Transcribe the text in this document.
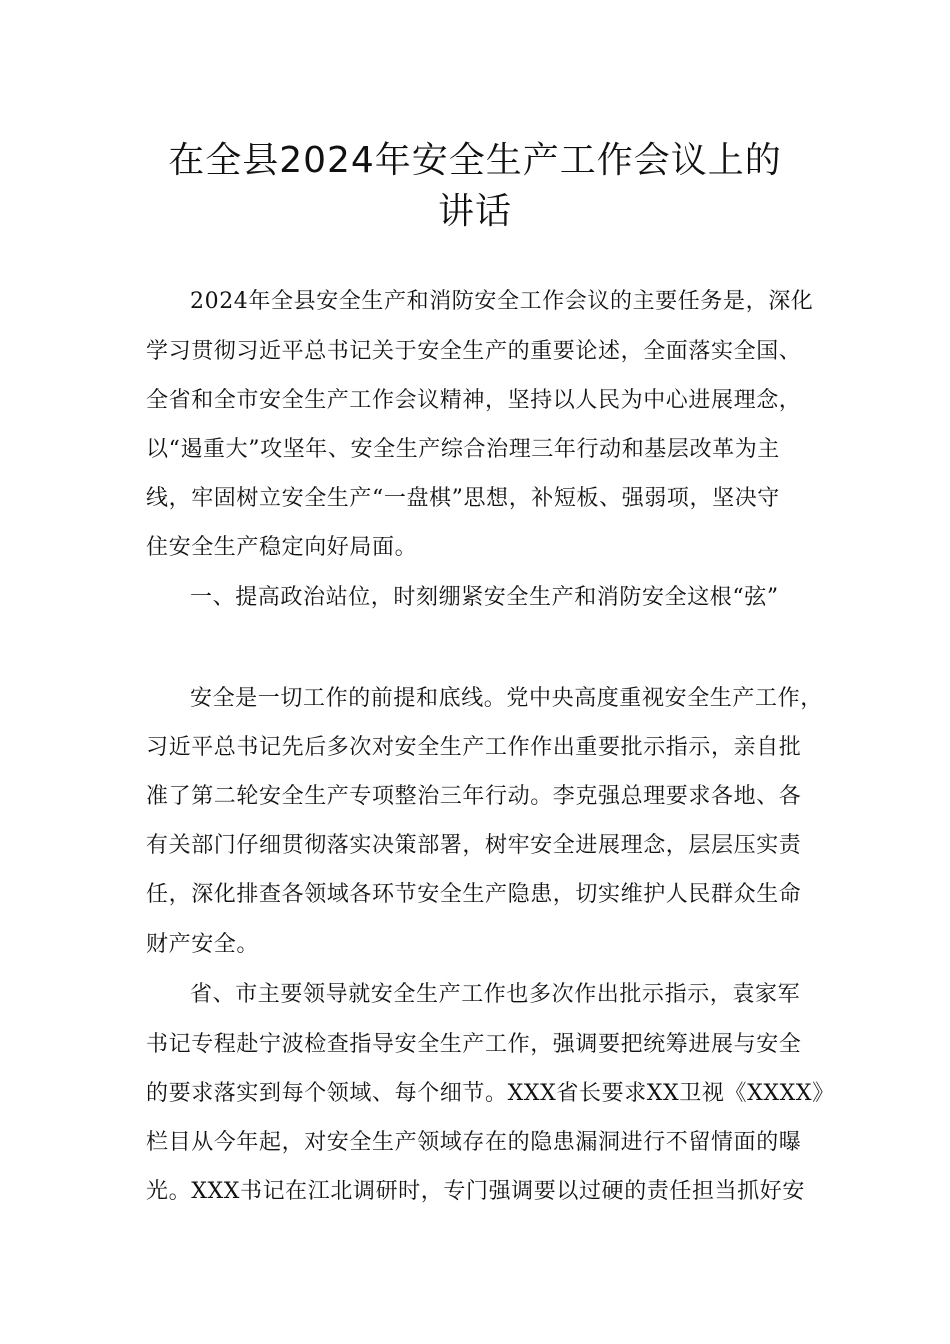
在全县2024年安全生产工作会议上的
讲话
2024年全县安全生产和消防安全工作会议的主要任务是，深化
学习贯彻习近平总书记关于安全生产的重要论述，全面落实全国、
全省和全市安全生产工作会议精神，坚持以人民为中心进展理念，
以“遏重大”攻坚年、安全生产综合治理三年行动和基层改革为主
线，牢固树立安全生产“一盘棋”思想，补短板、强弱项，坚决守
住安全生产稳定向好局面。
一、提高政治站位，时刻绷紧安全生产和消防安全这根“弦”
安全是一切工作的前提和底线。党中央高度重视安全生产工作，
习近平总书记先后多次对安全生产工作作出重要批示指示，亲自批
准了第二轮安全生产专项整治三年行动。李克强总理要求各地、各
有关部门仔细贯彻落实决策部署，树牢安全进展理念，层层压实责
任，深化排查各领域各环节安全生产隐患，切实维护人民群众生命
财产安全。
省、市主要领导就安全生产工作也多次作出批示指示，袁家军
书记专程赴宁波检查指导安全生产工作，强调要把统筹进展与安全
的要求落实到每个领域、每个细节。XXX省长要求XX卫视《XXXX》
栏目从今年起，对安全生产领域存在的隐患漏洞进行不留情面的曝
光。XXX书记在江北调研时，专门强调要以过硬的责任担当抓好安
